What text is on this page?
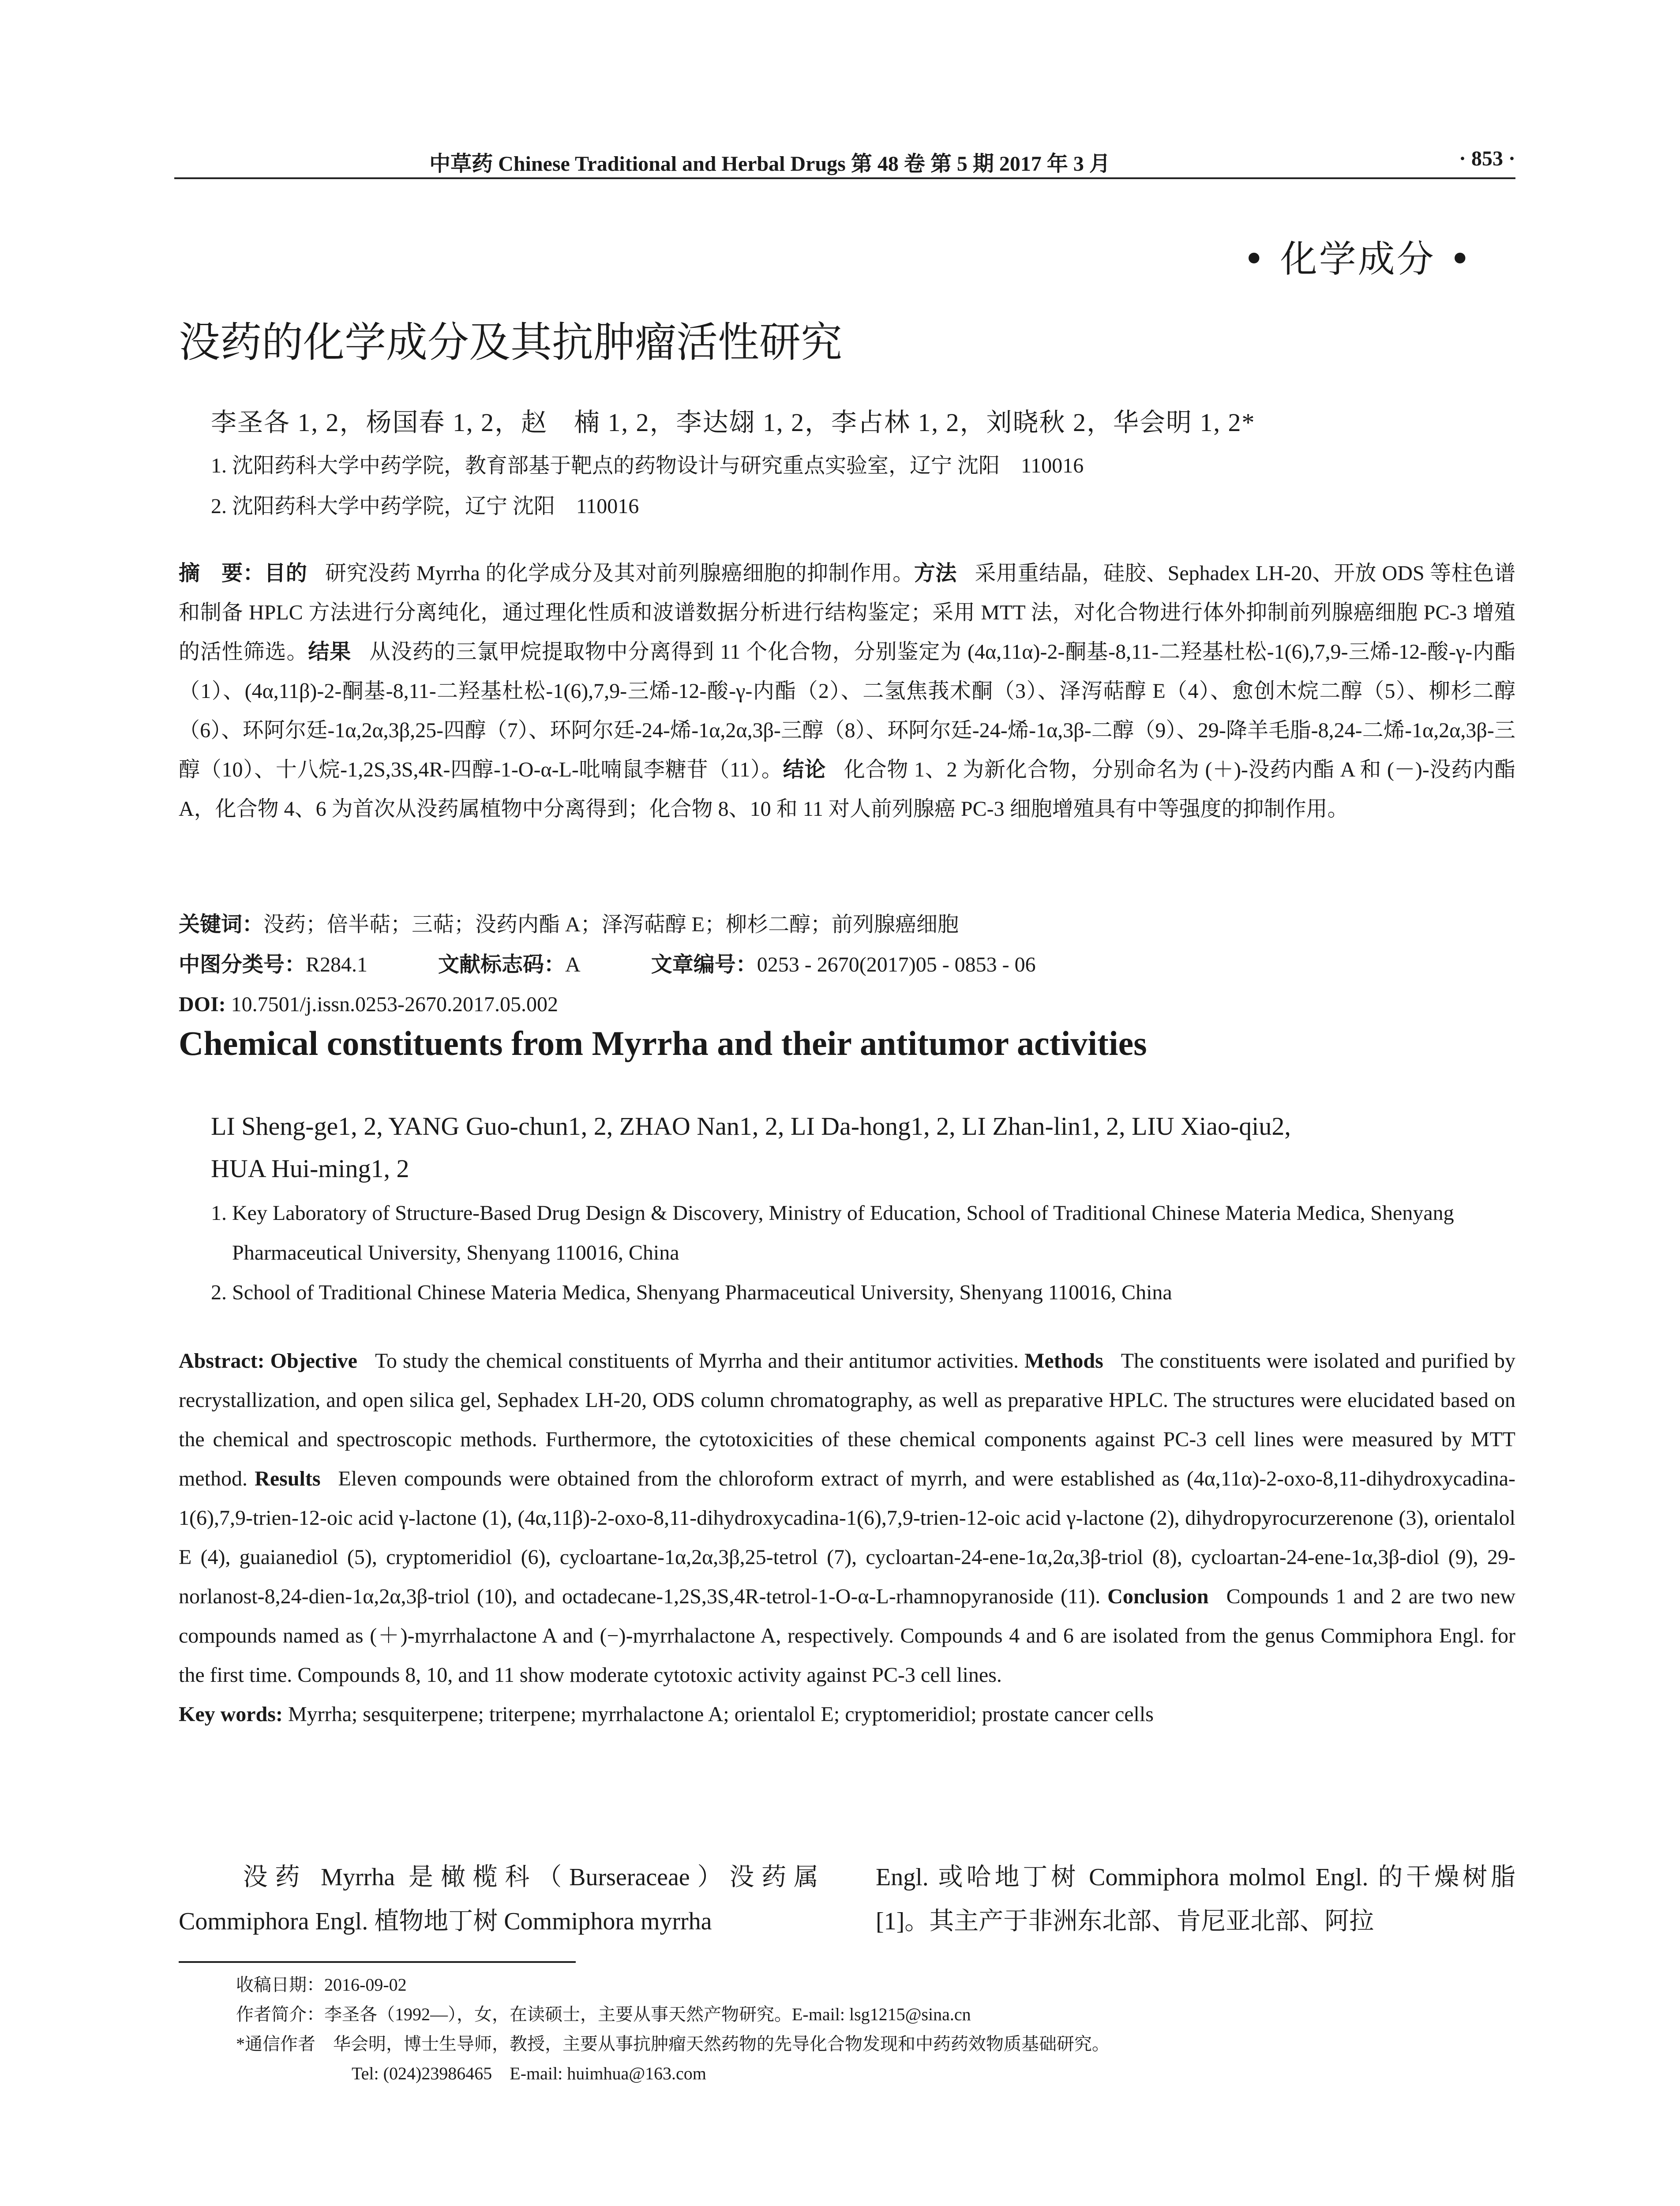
中草药 Chinese Traditional and Herbal Drugs 第 48 卷 第 5 期 2017 年 3 月	· 853 ·
• 化学成分 •
没药的化学成分及其抗肿瘤活性研究
李圣各 1, 2，杨国春 1, 2，赵　楠 1, 2，李达翃 1, 2，李占林 1, 2，刘晓秋 2，华会明 1, 2*
1. 沈阳药科大学中药学院，教育部基于靶点的药物设计与研究重点实验室，辽宁 沈阳　110016
2. 沈阳药科大学中药学院，辽宁 沈阳　110016
摘　要：目的 研究没药 Myrrha 的化学成分及其对前列腺癌细胞的抑制作用。方法 采用重结晶，硅胶、Sephadex LH-20、开放 ODS 等柱色谱和制备 HPLC 方法进行分离纯化，通过理化性质和波谱数据分析进行结构鉴定；采用 MTT 法，对化合物进行体外抑制前列腺癌细胞 PC-3 增殖的活性筛选。结果 从没药的三氯甲烷提取物中分离得到 11 个化合物，分别鉴定为 (4α,11α)-2-酮基-8,11-二羟基杜松-1(6),7,9-三烯-12-酸-γ-内酯（1）、(4α,11β)-2-酮基-8,11-二羟基杜松-1(6),7,9-三烯-12-酸-γ-内酯（2）、二氢焦莪术酮（3）、泽泻萜醇 E（4）、愈创木烷二醇（5）、柳杉二醇（6）、环阿尔廷-1α,2α,3β,25-四醇（7）、环阿尔廷-24-烯-1α,2α,3β-三醇（8）、环阿尔廷-24-烯-1α,3β-二醇（9）、29-降羊毛脂-8,24-二烯-1α,2α,3β-三醇（10）、十八烷-1,2S,3S,4R-四醇-1-O-α-L-吡喃鼠李糖苷（11）。结论 化合物 1、2 为新化合物，分别命名为 (＋)-没药内酯 A 和 (－)-没药内酯 A，化合物 4、6 为首次从没药属植物中分离得到；化合物 8、10 和 11 对人前列腺癌 PC-3 细胞增殖具有中等强度的抑制作用。
关键词：没药；倍半萜；三萜；没药内酯 A；泽泻萜醇 E；柳杉二醇；前列腺癌细胞
中图分类号：R284.1	文献标志码：A	文章编号：0253 - 2670(2017)05 - 0853 - 06
DOI: 10.7501/j.issn.0253-2670.2017.05.002
Chemical constituents from Myrrha and their antitumor activities
LI Sheng-ge1, 2, YANG Guo-chun1, 2, ZHAO Nan1, 2, LI Da-hong1, 2, LI Zhan-lin1, 2, LIU Xiao-qiu2,
HUA Hui-ming1, 2
1. Key Laboratory of Structure-Based Drug Design & Discovery, Ministry of Education, School of Traditional Chinese Materia Medica, Shenyang Pharmaceutical University, Shenyang 110016, China
2. School of Traditional Chinese Materia Medica, Shenyang Pharmaceutical University, Shenyang 110016, China
Abstract: Objective To study the chemical constituents of Myrrha and their antitumor activities. Methods The constituents were isolated and purified by recrystallization, and open silica gel, Sephadex LH-20, ODS column chromatography, as well as preparative HPLC. The structures were elucidated based on the chemical and spectroscopic methods. Furthermore, the cytotoxicities of these chemical components against PC-3 cell lines were measured by MTT method. Results Eleven compounds were obtained from the chloroform extract of myrrh, and were established as (4α,11α)-2-oxo-8,11-dihydroxycadina-1(6),7,9-trien-12-oic acid γ-lactone (1), (4α,11β)-2-oxo-8,11-dihydroxycadina-1(6),7,9-trien-12-oic acid γ-lactone (2), dihydropyrocurzerenone (3), orientalol E (4), guaianediol (5), cryptomeridiol (6), cycloartane-1α,2α,3β,25-tetrol (7), cycloartan-24-ene-1α,2α,3β-triol (8), cycloartan-24-ene-1α,3β-diol (9), 29-norlanost-8,24-dien-1α,2α,3β-triol (10), and octadecane-1,2S,3S,4R-tetrol-1-O-α-L-rhamnopyranoside (11). Conclusion Compounds 1 and 2 are two new compounds named as (＋)-myrrhalactone A and (−)-myrrhalactone A, respectively. Compounds 4 and 6 are isolated from the genus Commiphora Engl. for the first time. Compounds 8, 10, and 11 show moderate cytotoxic activity against PC-3 cell lines.
Key words: Myrrha; sesquiterpene; triterpene; myrrhalactone A; orientalol E; cryptomeridiol; prostate cancer cells
　　没药 Myrrha 是橄榄科（Burseraceae）没药属 Commiphora Engl. 植物地丁树 Commiphora myrrha
Engl. 或哈地丁树 Commiphora molmol Engl. 的干燥树脂[1]。其主产于非洲东北部、肯尼亚北部、阿拉
收稿日期：2016-09-02
作者简介：李圣各（1992—），女，在读硕士，主要从事天然产物研究。E-mail: lsg1215@sina.cn
*通信作者　华会明，博士生导师，教授，主要从事抗肿瘤天然药物的先导化合物发现和中药药效物质基础研究。
Tel: (024)23986465　E-mail: huimhua@163.com
